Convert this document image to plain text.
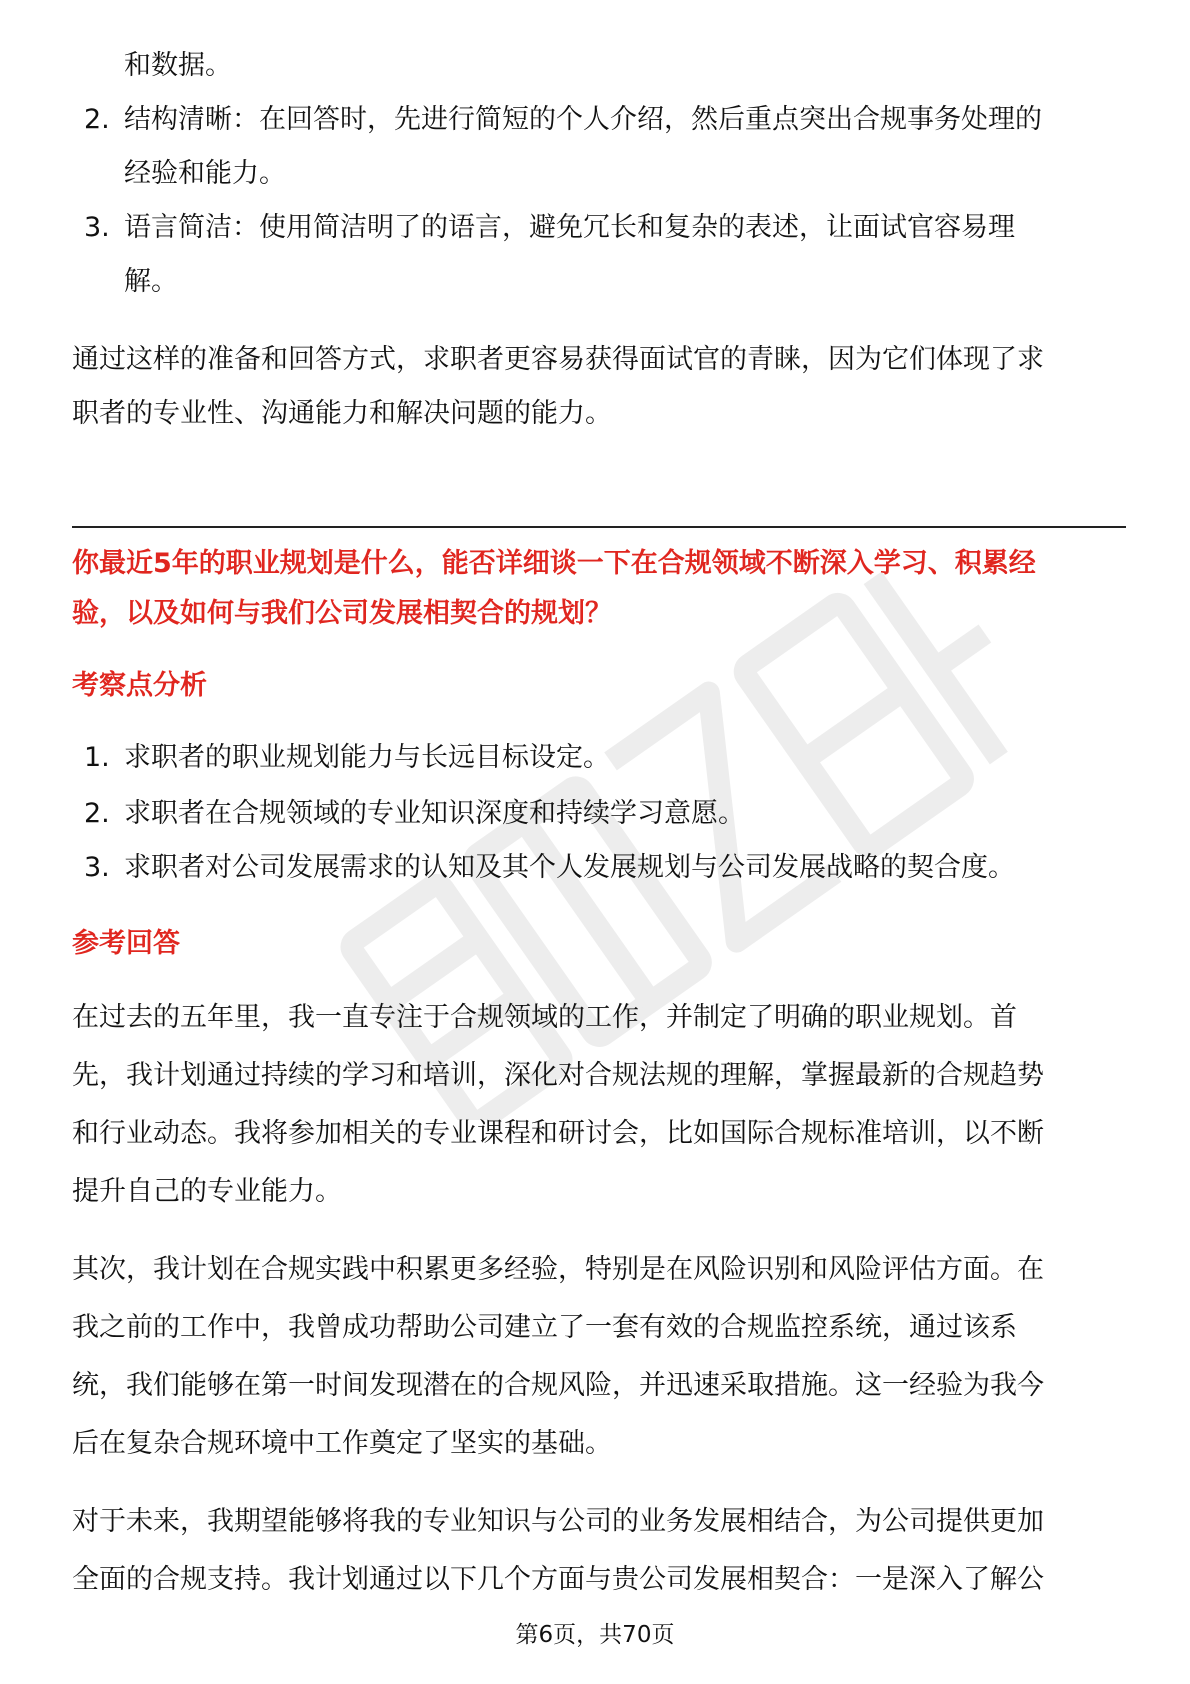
和数据。
2. 结构清晰：在回答时，先进行简短的个人介绍，然后重点突出合规事务处理的
经验和能力。
3. 语言简洁：使用简洁明了的语言，避免冗长和复杂的表述，让面试官容易理
解。
通过这样的准备和回答方式，求职者更容易获得面试官的青睐，因为它们体现了求
职者的专业性、沟通能力和解决问题的能力。
你最近5年的职业规划是什么，能否详细谈一下在合规领域不断深入学习、积累经
验，以及如何与我们公司发展相契合的规划？
考察点分析
1. 求职者的职业规划能力与长远目标设定。
2. 求职者在合规领域的专业知识深度和持续学习意愿。
3. 求职者对公司发展需求的认知及其个人发展规划与公司发展战略的契合度。
参考回答
在过去的五年里，我一直专注于合规领域的工作，并制定了明确的职业规划。首
先，我计划通过持续的学习和培训，深化对合规法规的理解，掌握最新的合规趋势
和行业动态。我将参加相关的专业课程和研讨会，比如国际合规标准培训，以不断
提升自己的专业能力。
其次，我计划在合规实践中积累更多经验，特别是在风险识别和风险评估方面。在
我之前的工作中，我曾成功帮助公司建立了一套有效的合规监控系统，通过该系
统，我们能够在第一时间发现潜在的合规风险，并迅速采取措施。这一经验为我今
后在复杂合规环境中工作奠定了坚实的基础。
对于未来，我期望能够将我的专业知识与公司的业务发展相结合，为公司提供更加
全面的合规支持。我计划通过以下几个方面与贵公司发展相契合：一是深入了解公
第6页，共70页
